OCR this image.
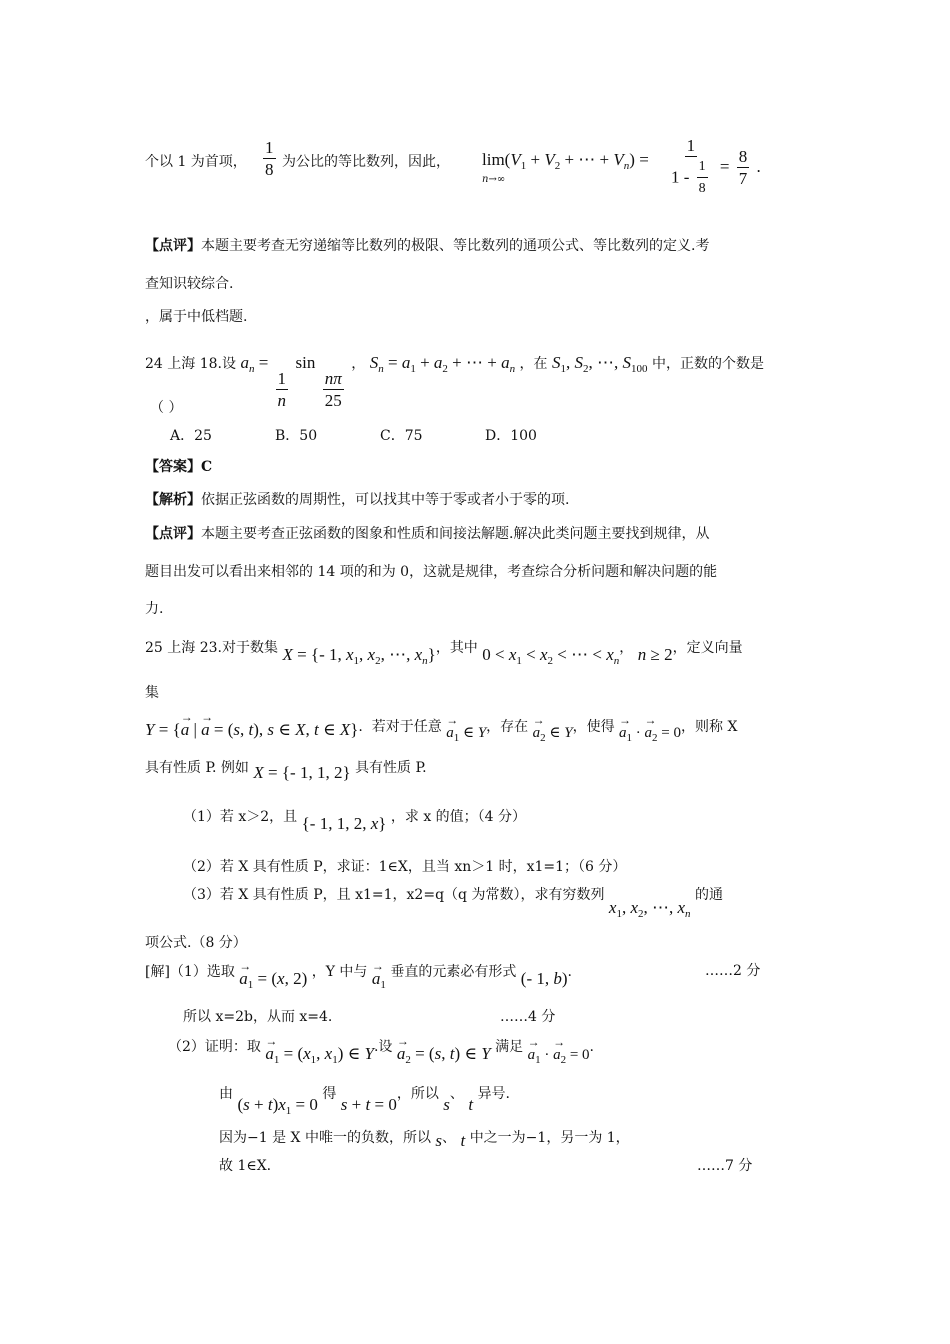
个以 1 为首项， $\frac{1}{8}$ 为公比的等比数列，因此， $\lim(V_1 + V_2$ + ⋯ + $V_n$) =
n→∞	$\frac{1}{1 - \frac{1}{8}} = \frac{8}{7}$ .
【点评】本题主要考查无穷递缩等比数列的极限、等比数列的通项公式、等比数列的定义.考
查知识较综合.
，属于中低档题.
24 上海 18.设 $a_n$ =
$\frac{1}{n}$
sin
$\frac{n\pi}{25}$
， $S_n = a_1 + a_2$ + ⋯ + $a_n$ ，在 $S_1$, $S_2$, ⋯, $S_{100}$ 中，正数的个数是
（ ）
A．25	B．50	C．75	D．100
【答案】C
【解析】依据正弦函数的周期性，可以找其中等于零或者小于零的项.
【点评】本题主要考查正弦函数的图象和性质和间接法解题.解决此类问题主要找到规律，从
题目出发可以看出来相邻的 14 项的和为 0，这就是规律，考查综合分析问题和解决问题的能
力.
25 上海 23.对于数集 X = {- 1, $x_1$, $x_2$, ⋯, $x_n$}，其中 $0 < x_1 < x_2$ < ⋯ < $x_n$， n ≥ 2，定义向量
集
Y = {→ a | → a = (s, t), s ∈ X, t ∈ X}.  若对于任意 → $a_1$ ∈ Y，存在 → $a_2$ ∈ Y，使得 → $a_1$ · → $a_2 = 0$，则称 X
具有性质 P. 例如 X = {- 1, 1, 2} 具有性质 P.
（1）若 x＞2，且 {- 1, 1, 2, x} ，求 x 的值；（4 分）
（2）若 X 具有性质 P，求证：1∈X，且当 xn＞1 时，x1=1；（6 分）
（3）若 X 具有性质 P，且 x1=1，x2=q（q 为常数），求有穷数列 $x_1$, $x_2$, ⋯, $x_n$ 的通
项公式.（8 分）
[解]（1）选取 → $a_1 = (x$, 2) ，Y 中与 → $a_1$ 垂直的元素必有形式 (- 1, b).	……2 分
所以 x=2b，从而 x=4.	……4 分
（2）证明：取 → $a_1 = (x_1$, $x_1$) ∈ Y.设 → $a_2 = (s$, t) ∈ Y 满足 → $a_1$ · → $a_2 = 0$.
由 $(s + t)x_1 = 0$ 得 s + t = 0，所以 s、 t 异号.
因为−1 是 X 中唯一的负数，所以 s、 t 中之一为−1，另一为 1，
故 1∈X.	……7 分
